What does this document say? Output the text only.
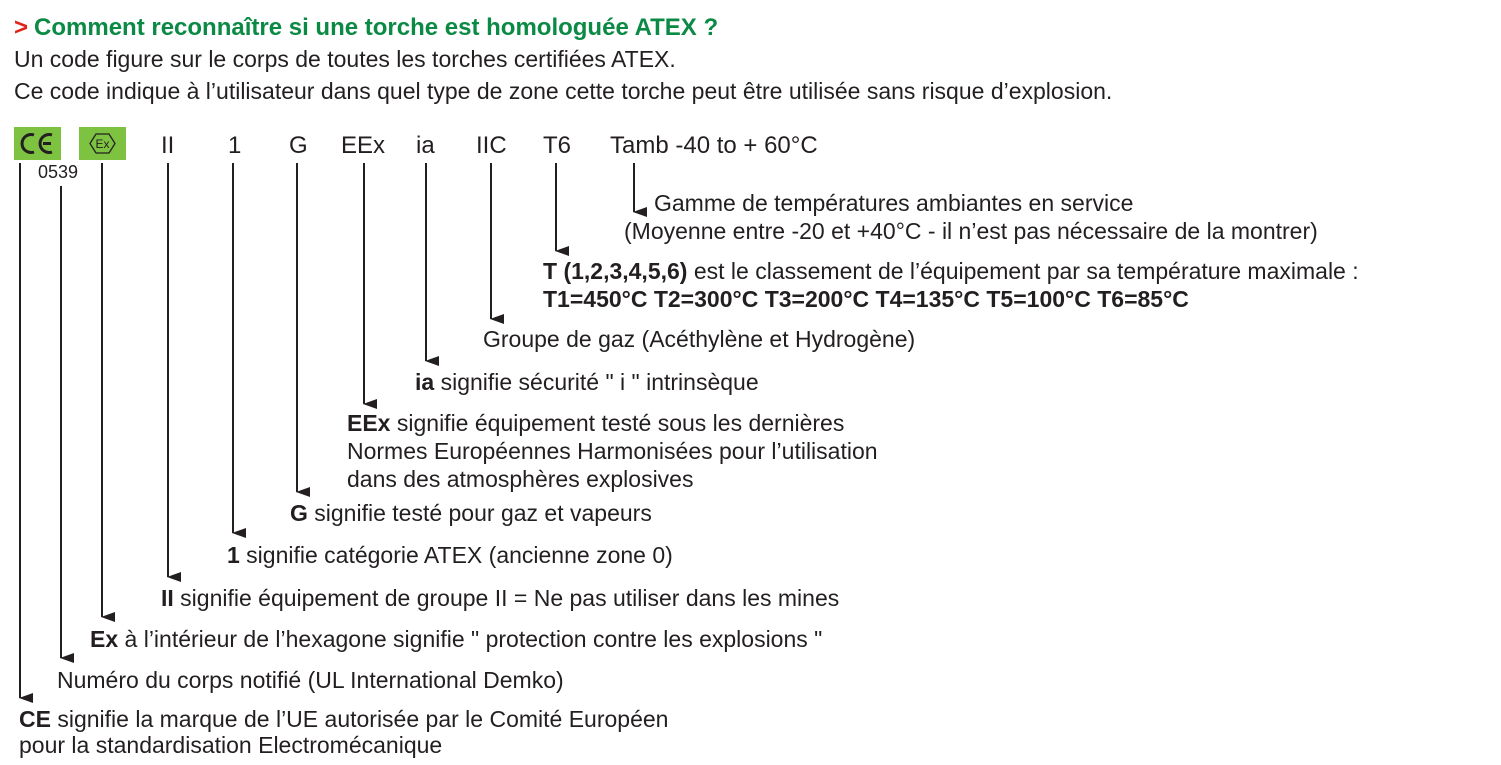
> Comment reconnaître si une torche est homologuée ATEX ?
Un code figure sur le corps de toutes les torches certifiées ATEX.
Ce code indique à l’utilisateur dans quel type de zone cette torche peut être utilisée sans risque d’explosion.
Ex
0539
II 1 G EEx ia IIC T6 Tamb -40 to + 60°C
Gamme de températures ambiantes en service
(Moyenne entre -20 et +40°C - il n’est pas nécessaire de la montrer)
T (1,2,3,4,5,6) est le classement de l’équipement par sa température maximale :
T1=450°C T2=300°C T3=200°C T4=135°C T5=100°C T6=85°C
Groupe de gaz (Acéthylène et Hydrogène)
ia signifie sécurité " i " intrinsèque
EEx signifie équipement testé sous les dernières
Normes Européennes Harmonisées pour l’utilisation
dans des atmosphères explosives
G signifie testé pour gaz et vapeurs
1 signifie catégorie ATEX (ancienne zone 0)
II signifie équipement de groupe II = Ne pas utiliser dans les mines
Ex à l’intérieur de l’hexagone signifie " protection contre les explosions "
Numéro du corps notifié (UL International Demko)
CE signifie la marque de l’UE autorisée par le Comité Européen
pour la standardisation Electromécanique
